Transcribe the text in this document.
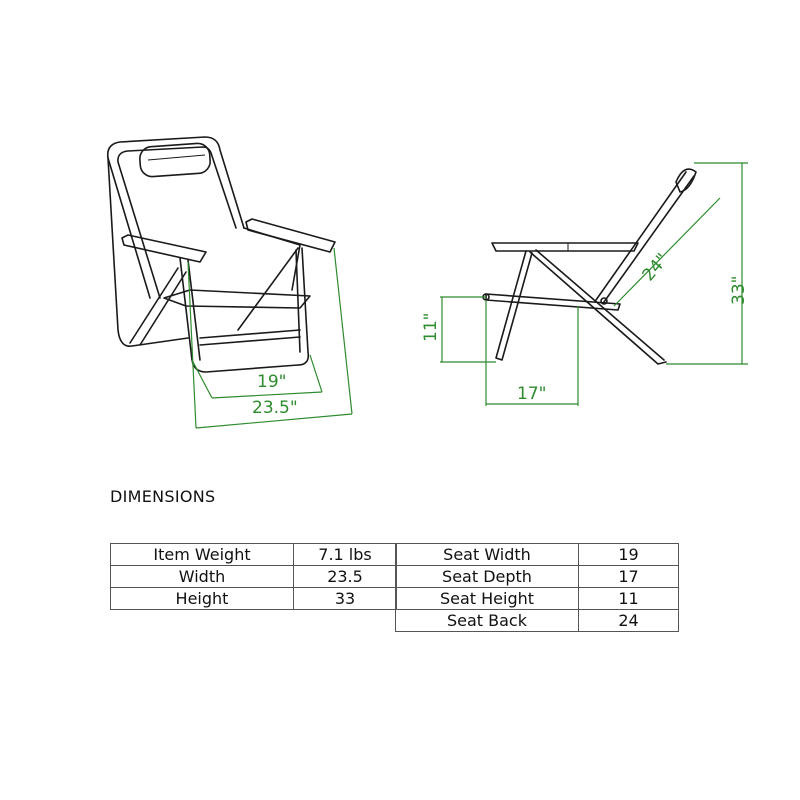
19"
23.5"
11"
17"
33"
24"
DIMENSIONS
Item Weight	7.1 lbs
Width	23.5
Height	33
Seat Width	19
Seat Depth	17
Seat Height	11
Seat Back	24
